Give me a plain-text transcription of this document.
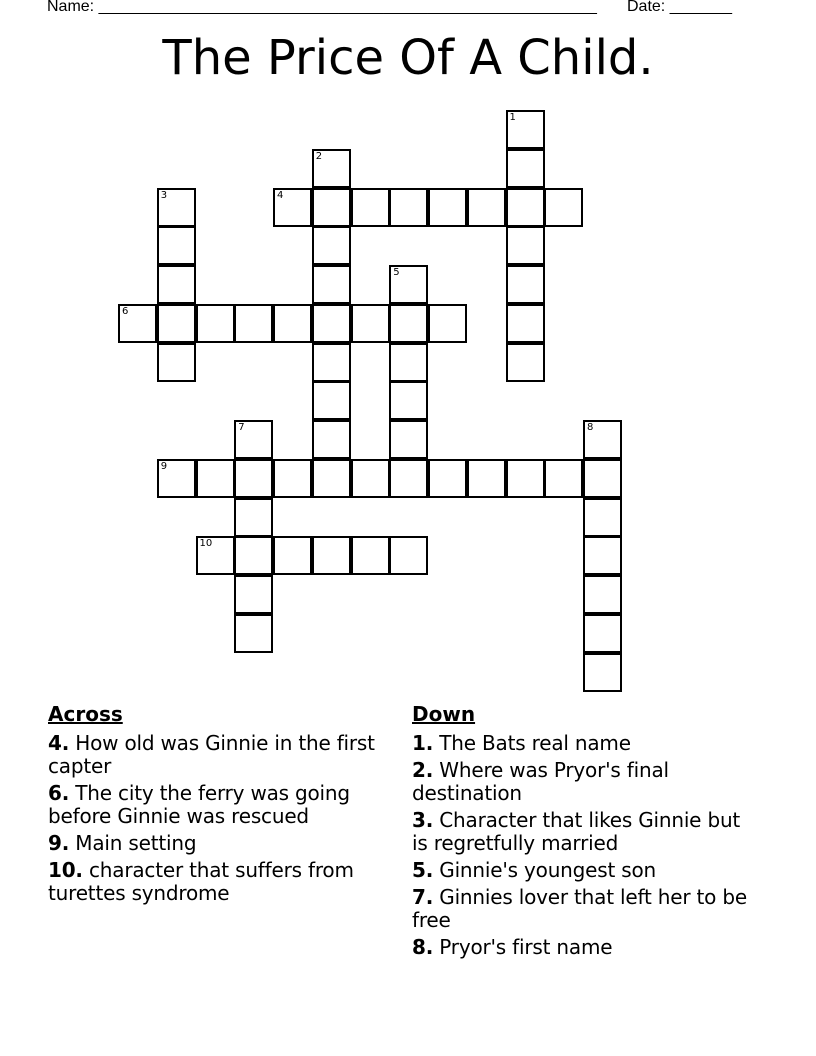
Name: ________________________________________________________ Date: _______
The Price Of A Child.
1
2
3	4
5
6
7	8
9
10
Across
4. How old was Ginnie in the first capter
6. The city the ferry was going before Ginnie was rescued
9. Main setting
10. character that suffers from turettes syndrome
Down
1. The Bats real name
2. Where was Pryor's final destination
3. Character that likes Ginnie but is regretfully married
5. Ginnie's youngest son
7. Ginnies lover that left her to be free
8. Pryor's first name
